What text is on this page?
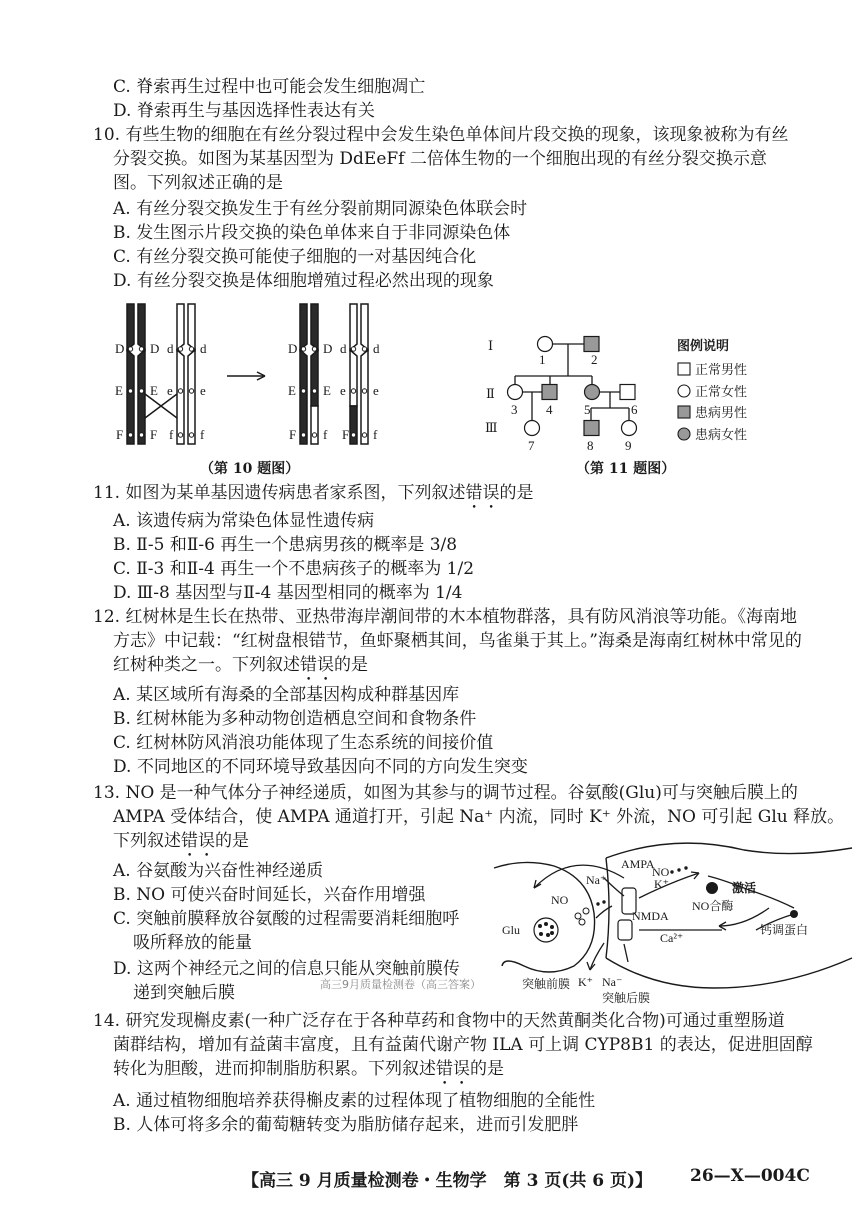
C. 脊索再生过程中也可能会发生细胞凋亡
D. 脊索再生与基因选择性表达有关
10. 有些生物的细胞在有丝分裂过程中会发生染色单体间片段交换的现象，该现象被称为有丝
分裂交换。如图为某基因型为 DdEeFf 二倍体生物的一个细胞出现的有丝分裂交换示意
图。下列叙述正确的是
A. 有丝分裂交换发生于有丝分裂前期同源染色体联会时
B. 发生图示片段交换的染色单体来自于非同源染色体
C. 有丝分裂交换可能使子细胞的一对基因纯合化
D. 有丝分裂交换是体细胞增殖过程必然出现的现象
D D d d
E E e e
F F f f
D D d d
E E e e
F f F f
（第 10 题图）
Ⅰ
Ⅱ
Ⅲ
1	2
3 4 5	6
7	8 9
图例说明
正常男性
正常女性
患病男性
患病女性
（第 11 题图）
11. 如图为某单基因遗传病患者家系图，下列叙述错误的是
A. 该遗传病为常染色体显性遗传病
B. Ⅱ-5 和Ⅱ-6 再生一个患病男孩的概率是 3/8
C. Ⅱ-3 和Ⅱ-4 再生一个不患病孩子的概率为 1/2
D. Ⅲ-8 基因型与Ⅱ-4 基因型相同的概率为 1/4
12. 红树林是生长在热带、亚热带海岸潮间带的木本植物群落，具有防风消浪等功能。《海南地
方志》中记载：“红树盘根错节，鱼虾聚栖其间，鸟雀巢于其上。”海桑是海南红树林中常见的
红树种类之一。下列叙述错误的是
A. 某区域所有海桑的全部基因构成种群基因库
B. 红树林能为多种动物创造栖息空间和食物条件
C. 红树林防风消浪功能体现了生态系统的间接价值
D. 不同地区的不同环境导致基因向不同的方向发生突变
13. NO 是一种气体分子神经递质，如图为其参与的调节过程。谷氨酸(Glu)可与突触后膜上的
AMPA 受体结合，使 AMPA 通道打开，引起 Na⁺ 内流，同时 K⁺ 外流，NO 可引起 Glu 释放。
下列叙述错误的是
A. 谷氨酸为兴奋性神经递质
B. NO 可使兴奋时间延长，兴奋作用增强
C. 突触前膜释放谷氨酸的过程需要消耗细胞呼
吸所释放的能量
D. 这两个神经元之间的信息只能从突触前膜传
递到突触后膜
AMPA
Na⁺
NO
K⁺
NO
激活
NMDA
NO合酶
Glu
Ca²⁺
钙调蛋白
K⁺ Na⁻
突触前膜
突触后膜
高三9月质量检测卷（高三答案）
14. 研究发现槲皮素(一种广泛存在于各种草药和食物中的天然黄酮类化合物)可通过重塑肠道
菌群结构，增加有益菌丰富度，且有益菌代谢产物 ILA 可上调 CYP8B1 的表达，促进胆固醇
转化为胆酸，进而抑制脂肪积累。下列叙述错误的是
A. 通过植物细胞培养获得槲皮素的过程体现了植物细胞的全能性
B. 人体可将多余的葡萄糖转变为脂肪储存起来，进而引发肥胖
【高三 9 月质量检测卷・生物学　第 3 页(共 6 页)】 26—X—004C
